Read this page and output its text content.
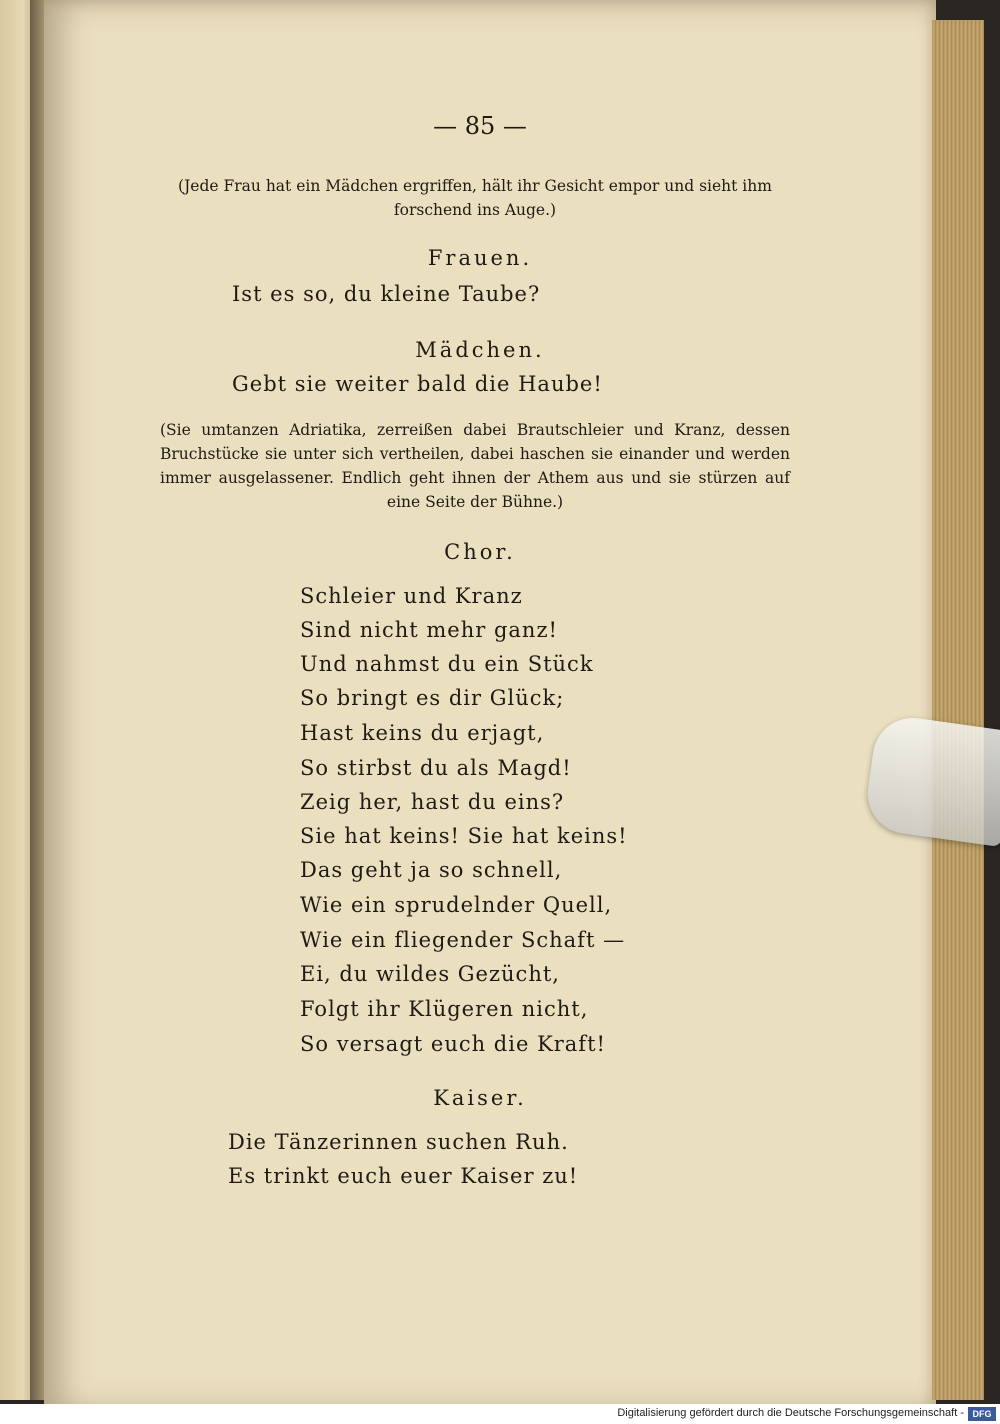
— 85 —
(Jede Frau hat ein Mädchen ergriffen, hält ihr Gesicht empor und sieht ihm forschend ins Auge.)
Frauen.
Ist es so, du kleine Taube?
Mädchen.
Gebt sie weiter bald die Haube!
(Sie umtanzen Adriatika, zerreißen dabei Brautschleier und Kranz, dessen Bruchstücke sie unter sich vertheilen, dabei haschen sie einander und werden immer ausgelassener. Endlich geht ihnen der Athem aus und sie stürzen auf eine Seite der Bühne.)
Chor.
Schleier und Kranz
Sind nicht mehr ganz!
Und nahmst du ein Stück
So bringt es dir Glück;
Hast keins du erjagt,
So stirbst du als Magd!
Zeig her, hast du eins?
Sie hat keins! Sie hat keins!
Das geht ja so schnell,
Wie ein sprudelnder Quell,
Wie ein fliegender Schaft —
Ei, du wildes Gezücht,
Folgt ihr Klügeren nicht,
So versagt euch die Kraft!
Kaiser.
Die Tänzerinnen suchen Ruh.
Es trinkt euch euer Kaiser zu!
Digitalisierung gefördert durch die Deutsche Forschungsgemeinschaft - DFG
